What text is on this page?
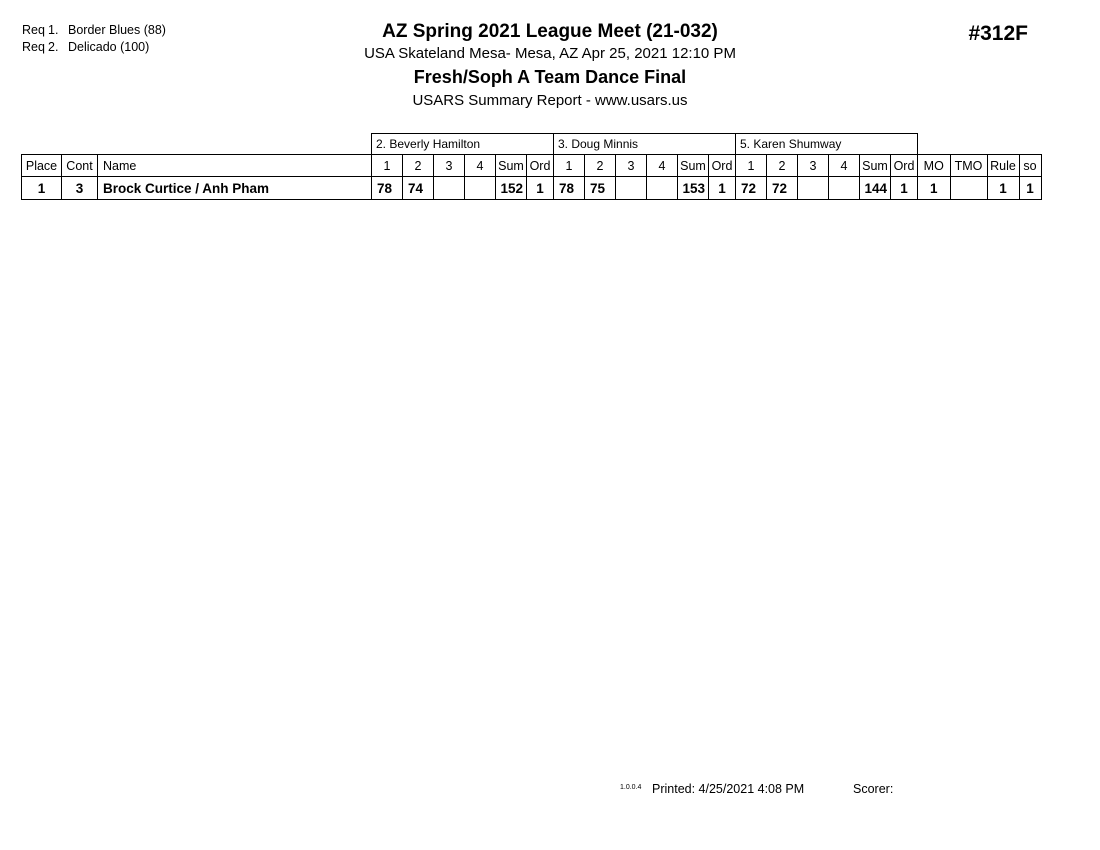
Req 1. Border Blues (88)
Req 2. Delicado (100)
AZ Spring 2021 League Meet (21-032)
USA Skateland Mesa- Mesa, AZ Apr 25, 2021 12:10 PM
Fresh/Soph A Team Dance Final
USARS Summary Report - www.usars.us
#312F
			2. Beverly Hamilton						3. Doug Minnis						5. Karen Shumway									
Place	Cont	Name	1	2	3	4	Sum	Ord	1	2	3	4	Sum	Ord	1	2	3	4	Sum	Ord	MO	TMO	Rule	so
1	3	Brock Curtice / Anh Pham	78	74			152	1	78	75			153	1	72	72			144	1	1		1	1
1.0.0.4 Printed: 4/25/2021 4:08 PM	Scorer:
